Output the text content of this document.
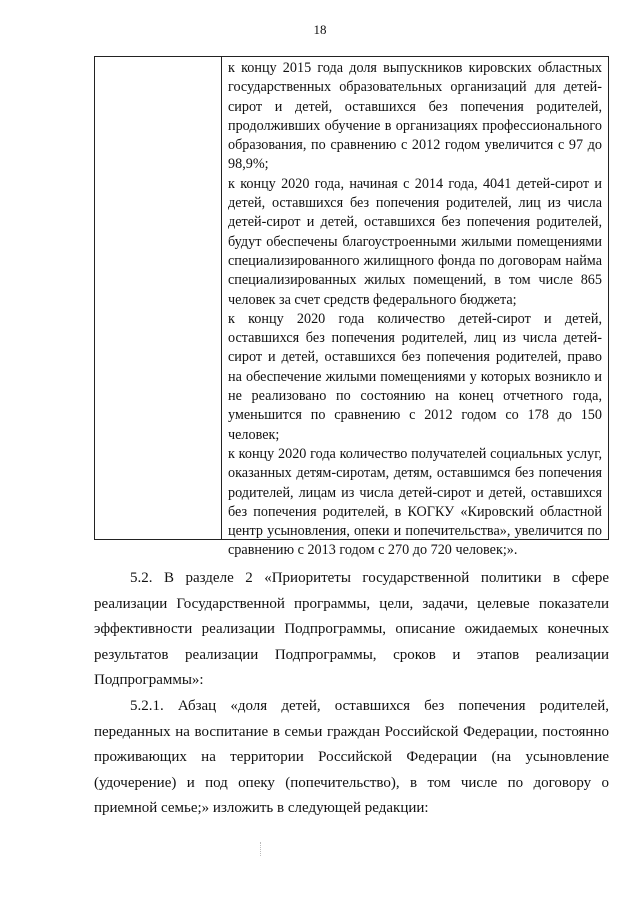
18

к концу 2015 года доля выпускников кировских областных государственных образовательных организаций для детей-сирот и детей, оставшихся без попечения родителей, продолживших обучение в организациях профессионального образования, по сравнению с 2012 годом увеличится с 97 до 98,9%;

к концу 2020 года, начиная с 2014 года, 4041 детей-сирот и детей, оставшихся без попечения родителей, лиц из числа детей-сирот и детей, оставшихся без попечения родителей, будут обеспечены благоустроенными жилыми помещениями специализированного жилищного фонда по договорам найма специализированных жилых помещений, в том числе 865 человек за счет средств федерального бюджета;

к концу 2020 года количество детей-сирот и детей, оставшихся без попечения родителей, лиц из числа детей-сирот и детей, оставшихся без попечения родителей, право на обеспечение жилыми помещениями у которых возникло и не реализовано по состоянию на конец отчетного года, уменьшится по сравнению с 2012 годом со 178 до 150 человек;

к концу 2020 года количество получателей социальных услуг, оказанных детям-сиротам, детям, оставшимся без попечения родителей, лицам из числа детей-сирот и детей, оставшихся без попечения родителей, в КОГКУ «Кировский областной центр усыновления, опеки и попечительства», увеличится по сравнению с 2013 годом с 270 до 720 человек;».

5.2. В разделе 2 «Приоритеты государственной политики в сфере реализации Государственной программы, цели, задачи, целевые показатели эффективности реализации Подпрограммы, описание ожидаемых конечных результатов реализации Подпрограммы, сроков и этапов реализации Подпрограммы»:

5.2.1. Абзац «доля детей, оставшихся без попечения родителей, переданных на воспитание в семьи граждан Российской Федерации, постоянно проживающих на территории Российской Федерации (на усыновление (удочерение) и под опеку (попечительство), в том числе по договору о приемной семье;» изложить в следующей редакции:
